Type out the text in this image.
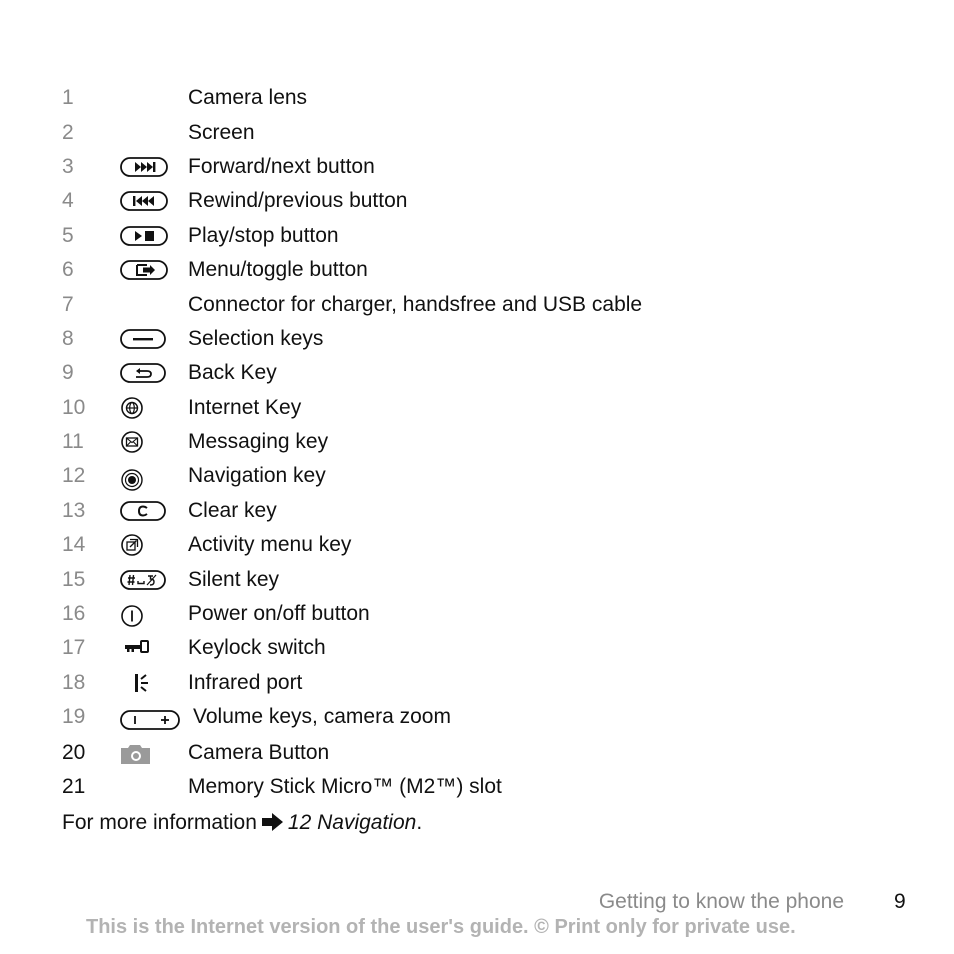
1	Camera lens
2	Screen
3	Forward/next button
4	Rewind/previous button
5	Play/stop button
6	Menu/toggle button
7	Connector for charger, handsfree and USB cable
8	Selection keys
9	Back Key
10	Internet Key
11	Messaging key
12	Navigation key
13	Clear key
14	Activity menu key
15	Silent key
16	Power on/off button
17	Keylock switch
18	Infrared port
19	Volume keys, camera zoom
20	Camera Button
21	Memory Stick Micro™ (M2™) slot
For more information 12 Navigation.
Getting to know the phone 9
This is the Internet version of the user's guide. © Print only for private use.
